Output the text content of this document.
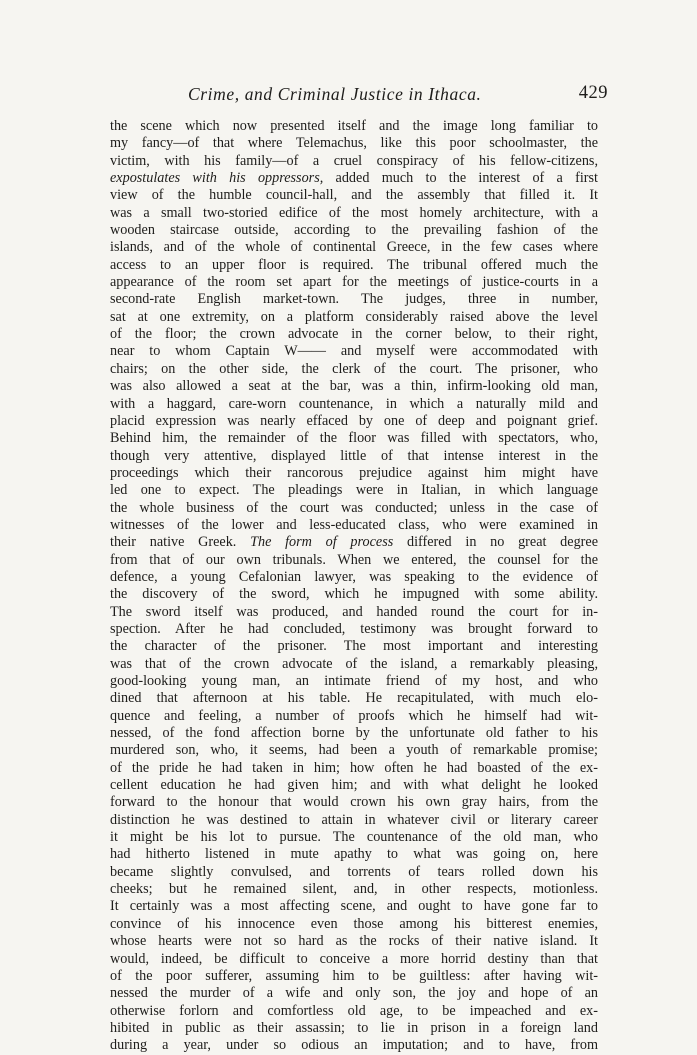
Crime, and Criminal Justice in Ithaca.	429
the scene which now presented itself and the image long familiar to
my fancy—of that where Telemachus, like this poor schoolmaster, the
victim, with his family—of a cruel conspiracy of his fellow-citizens,
expostulates with his oppressors, added much to the interest of a first
view of the humble council-hall, and the assembly that filled it. It
was a small two-storied edifice of the most homely architecture, with a
wooden staircase outside, according to the prevailing fashion of the
islands, and of the whole of continental Greece, in the few cases where
access to an upper floor is required. The tribunal offered much the
appearance of the room set apart for the meetings of justice-courts in a
second-rate English market-town. The judges, three in number,
sat at one extremity, on a platform considerably raised above the level
of the floor; the crown advocate in the corner below, to their right,
near to whom Captain W—— and myself were accommodated with
chairs; on the other side, the clerk of the court. The prisoner, who
was also allowed a seat at the bar, was a thin, infirm-looking old man,
with a haggard, care-worn countenance, in which a naturally mild and
placid expression was nearly effaced by one of deep and poignant grief.
Behind him, the remainder of the floor was filled with spectators, who,
though very attentive, displayed little of that intense interest in the
proceedings which their rancorous prejudice against him might have
led one to expect. The pleadings were in Italian, in which language
the whole business of the court was conducted; unless in the case of
witnesses of the lower and less-educated class, who were examined in
their native Greek. The form of process differed in no great degree
from that of our own tribunals. When we entered, the counsel for the
defence, a young Cefalonian lawyer, was speaking to the evidence of
the discovery of the sword, which he impugned with some ability.
The sword itself was produced, and handed round the court for in-
spection. After he had concluded, testimony was brought forward to
the character of the prisoner. The most important and interesting
was that of the crown advocate of the island, a remarkably pleasing,
good-looking young man, an intimate friend of my host, and who
dined that afternoon at his table. He recapitulated, with much elo-
quence and feeling, a number of proofs which he himself had wit-
nessed, of the fond affection borne by the unfortunate old father to his
murdered son, who, it seems, had been a youth of remarkable promise;
of the pride he had taken in him; how often he had boasted of the ex-
cellent education he had given him; and with what delight he looked
forward to the honour that would crown his own gray hairs, from the
distinction he was destined to attain in whatever civil or literary career
it might be his lot to pursue. The countenance of the old man, who
had hitherto listened in mute apathy to what was going on, here
became slightly convulsed, and torrents of tears rolled down his
cheeks; but he remained silent, and, in other respects, motionless.
It certainly was a most affecting scene, and ought to have gone far to
convince of his innocence even those among his bitterest enemies,
whose hearts were not so hard as the rocks of their native island. It
would, indeed, be difficult to conceive a more horrid destiny than that
of the poor sufferer, assuming him to be guiltless: after having wit-
nessed the murder of a wife and only son, the joy and hope of an
otherwise forlorn and comfortless old age, to be impeached and ex-
hibited in public as their assassin; to lie in prison in a foreign land
during a year, under so odious an imputation; and to have, from
